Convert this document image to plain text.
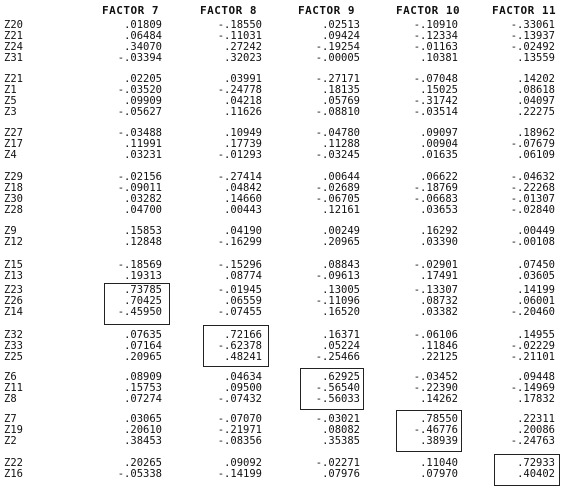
FACTOR 7	FACTOR 8	FACTOR 9	FACTOR 10	FACTOR 11
Z20	.01809	-.18550	.02513	-.10910	-.33061
Z21	.06484	-.11031	.09424	-.12334	-.13937
Z24	.34070	.27242	-.19254	-.01163	-.02492
Z31	-.03394	.32023	-.00005	.10381	.13559
Z21	.02205	.03991	-.27171	-.07048	.14202
Z1	-.03520	-.24778	.18135	.15025	.08618
Z5	.09909	.04218	.05769	-.31742	.04097
Z3	-.05627	.11626	-.08810	-.03514	.22275
Z27	-.03488	.10949	-.04780	.09097	.18962
Z17	.11991	.17739	.11288	.00904	-.07679
Z4	.03231	-.01293	-.03245	.01635	.06109
Z29	-.02156	-.27414	.00644	.06622	-.04632
Z18	-.09011	.04842	-.02689	-.18769	-.22268
Z30	.03282	.14660	-.06705	-.06683	-.01307
Z28	.04700	.00443	.12161	.03653	-.02840
Z9	.15853	.04190	.00249	.16292	.00449
Z12	.12848	-.16299	.20965	.03390	-.00108
Z15	-.18569	-.15296	.08843	-.02901	.07450
Z13	.19313	.08774	-.09613	.17491	.03605
Z23	.73785	-.01945	.13005	-.13307	.14199
Z26	.70425	.06559	-.11096	.08732	.06001
Z14	-.45950	-.07455	.16520	.03382	-.20460
Z32	.07635	.72166	.16371	-.06106	.14955
Z33	.07164	-.62378	.05224	.11846	-.02229
Z25	.20965	.48241	-.25466	.22125	-.21101
Z6	.08909	.04634	.62925	-.03452	.09448
Z11	.15753	.09500	-.56540	-.22390	-.14969
Z8	.07274	-.07432	-.56033	.14262	.17832
Z7	.03065	-.07070	-.03021	.78550	.22311
Z19	.20610	-.21971	.08082	-.46776	.20086
Z2	.38453	-.08356	.35385	.38939	-.24763
Z22	.20265	.09092	-.02271	.11040	.72933
Z16	-.05338	-.14199	.07976	.07970	.40402
